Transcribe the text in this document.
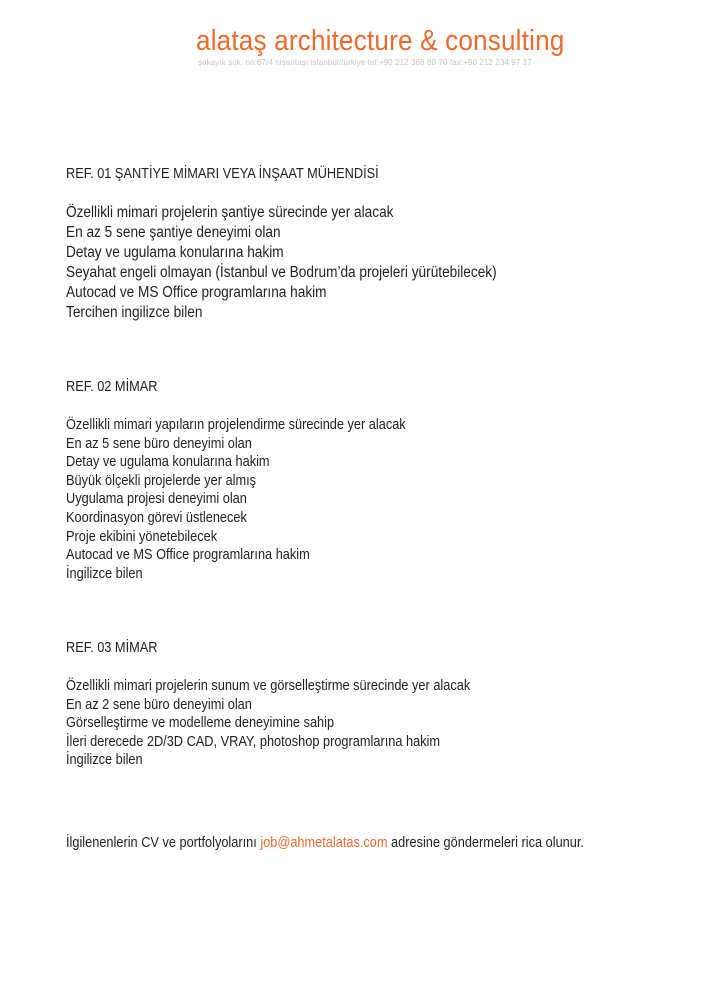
alataş architecture & consulting
şakayık sok. no:67/4 nişantaşı istanbul/türkiye tel:+90 212 368 80 70 fax:+90 212 234 97 37
REF. 01 ŞANTİYE MİMARI VEYA İNŞAAT MÜHENDİSİ
Özellikli mimari projelerin şantiye sürecinde yer alacak
En az 5 sene şantiye deneyimi olan
Detay ve ugulama konularına hakim
Seyahat engeli olmayan (İstanbul ve Bodrum’da projeleri yürütebilecek)
Autocad ve MS Office programlarına hakim
Tercihen ingilizce bilen
REF. 02 MİMAR
Özellikli mimari yapıların projelendirme sürecinde yer alacak
En az 5 sene büro deneyimi olan
Detay ve ugulama konularına hakim
Büyük ölçekli projelerde yer almış
Uygulama projesi deneyimi olan
Koordinasyon görevi üstlenecek
Proje ekibini yönetebilecek
Autocad ve MS Office programlarına hakim
İngilizce bilen
REF. 03 MİMAR
Özellikli mimari projelerin sunum ve görselleştirme sürecinde yer alacak
En az 2 sene büro deneyimi olan
Görselleştirme ve modelleme deneyimine sahip
İleri derecede 2D/3D CAD, VRAY, photoshop programlarına hakim
İngilizce bilen
İlgilenenlerin CV ve portfolyolarını job@ahmetalatas.com adresine göndermeleri rica olunur.
